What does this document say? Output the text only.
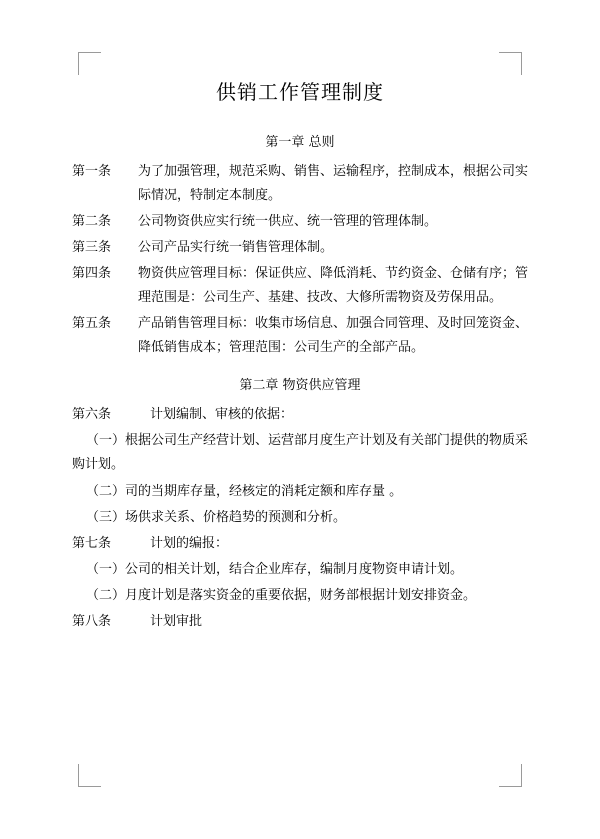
供销工作管理制度
第一章 总则
第一条	为了加强管理，规范采购、销售、运输程序，控制成本，根据公司实际情况，特制定本制度。
第二条	公司物资供应实行统一供应、统一管理的管理体制。
第三条	公司产品实行统一销售管理体制。
第四条	物资供应管理目标：保证供应、降低消耗、节约资金、仓储有序；管理范围是：公司生产、基建、技改、大修所需物资及劳保用品。
第五条	产品销售管理目标：收集市场信息、加强合同管理、及时回笼资金、降低销售成本；管理范围：公司生产的全部产品。
第二章 物资供应管理
第六条	计划编制、审核的依据：

（一）根据公司生产经营计划、运营部月度生产计划及有关部门提供的物质采购计划。

（二）司的当期库存量，经核定的消耗定额和库存量 。

（三）场供求关系、价格趋势的预测和分析。

第七条	计划的编报：

（一）公司的相关计划，结合企业库存，编制月度物资申请计划。

（二）月度计划是落实资金的重要依据，财务部根据计划安排资金。

第八条	计划审批
